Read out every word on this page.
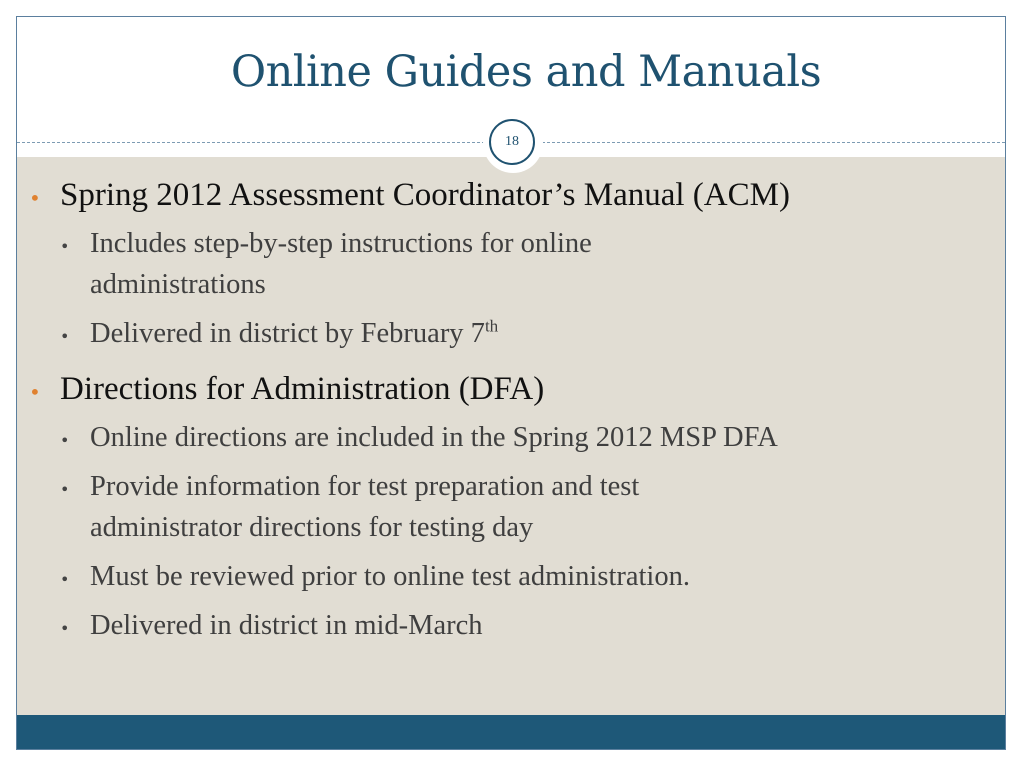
Online Guides and Manuals
18
• Spring 2012 Assessment Coordinator’s Manual (ACM)
• Includes step-by-step instructions for online
administrations
• Delivered in district by February 7th
• Directions for Administration (DFA)
• Online directions are included in the Spring 2012 MSP DFA
• Provide information for test preparation and test
administrator directions for testing day
• Must be reviewed prior to online test administration.
• Delivered in district in mid-March
